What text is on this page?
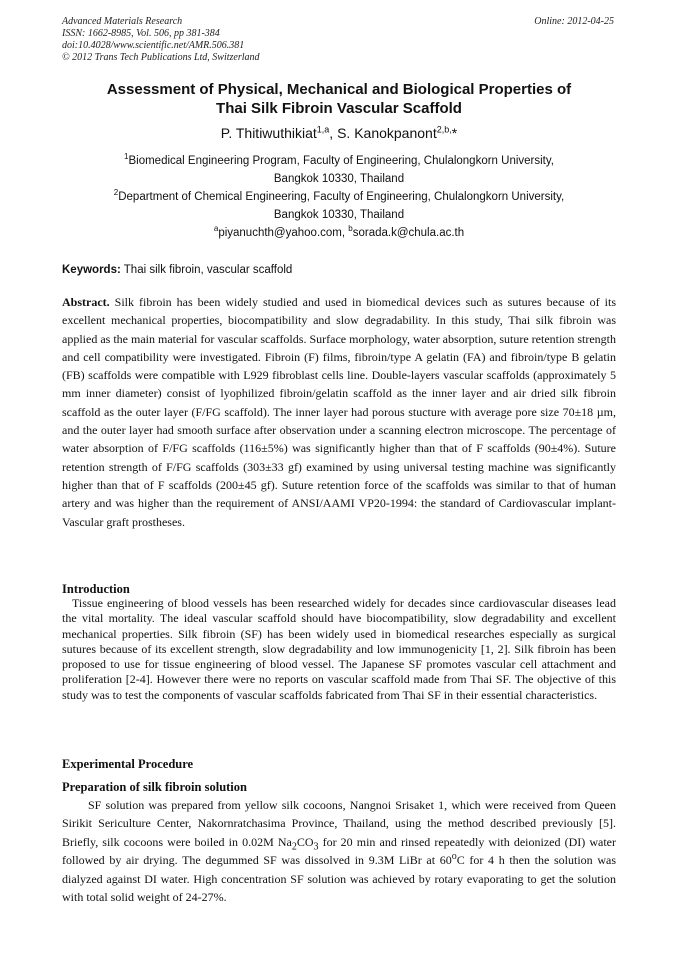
Advanced Materials Research
ISSN: 1662-8985, Vol. 506, pp 381-384
doi:10.4028/www.scientific.net/AMR.506.381
© 2012 Trans Tech Publications Ltd, Switzerland
Online: 2012-04-25
Assessment of Physical, Mechanical and Biological Properties of
Thai Silk Fibroin Vascular Scaffold
P. Thitiwuthikiat$^{1,a}$, S. Kanokpanont$^{2,b,}$*
$^1$Biomedical Engineering Program, Faculty of Engineering, Chulalongkorn University,
Bangkok 10330, Thailand
$^2$Department of Chemical Engineering, Faculty of Engineering, Chulalongkorn University,
Bangkok 10330, Thailand
$^a$piyanuchth@yahoo.com, $^b$sorada.k@chula.ac.th
Keywords: Thai silk fibroin, vascular scaffold
Abstract. Silk fibroin has been widely studied and used in biomedical devices such as sutures because of its excellent mechanical properties, biocompatibility and slow degradability. In this study, Thai silk fibroin was applied as the main material for vascular scaffolds. Surface morphology, water absorption, suture retention strength and cell compatibility were investigated. Fibroin (F) films, fibroin/type A gelatin (FA) and fibroin/type B gelatin (FB) scaffolds were compatible with L929 fibroblast cells line. Double-layers vascular scaffolds (approximately 5 mm inner diameter) consist of lyophilized fibroin/gelatin scaffold as the inner layer and air dried silk fibroin scaffold as the outer layer (F/FG scaffold). The inner layer had porous stucture with average pore size 70±18 µm, and the outer layer had smooth surface after observation under a scanning electron microscope. The percentage of water absorption of F/FG scaffolds (116±5%) was significantly higher than that of F scaffolds (90±4%). Suture retention strength of F/FG scaffolds (303±33 gf) examined by using universal testing machine was significantly higher than that of F scaffolds (200±45 gf). Suture retention force of the scaffolds was similar to that of human artery and was higher than the requirement of ANSI/AAMI VP20-1994: the standard of Cardiovascular implant-Vascular graft prostheses.
Introduction
Tissue engineering of blood vessels has been researched widely for decades since cardiovascular diseases lead the vital mortality. The ideal vascular scaffold should have biocompatibility, slow degradability and excellent mechanical properties. Silk fibroin (SF) has been widely used in biomedical researches especially as surgical sutures because of its excellent strength, slow degradability and low immunogenicity [1, 2]. Silk fibroin has been proposed to use for tissue engineering of blood vessel. The Japanese SF promotes vascular cell attachment and proliferation [2-4]. However there were no reports on vascular scaffold made from Thai SF. The objective of this study was to test the components of vascular scaffolds fabricated from Thai SF in their essential characteristics.
Experimental Procedure
Preparation of silk fibroin solution
SF solution was prepared from yellow silk cocoons, Nangnoi Srisaket 1, which were received from Queen Sirikit Sericulture Center, Nakornratchasima Province, Thailand, using the method described previously [5]. Briefly, silk cocoons were boiled in 0.02M $Na_2CO_3$ for 20 min and rinsed repeatedly with deionized (DI) water followed by air drying. The degummed SF was dissolved in 9.3M LiBr at 60$^o$C for 4 h then the solution was dialyzed against DI water. High concentration SF solution was achieved by rotary evaporating to get the solution with total solid weight of 24-27%.
